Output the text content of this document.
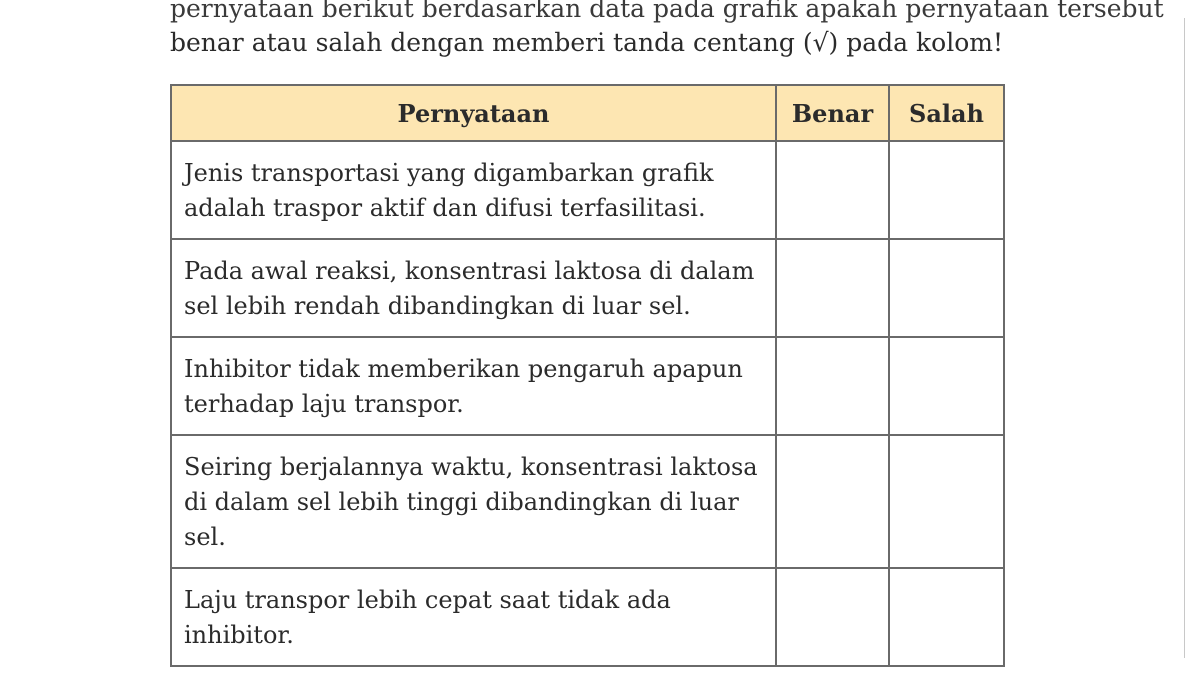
pernyataan berikut berdasarkan data pada grafik apakah pernyataan tersebut
benar atau salah dengan memberi tanda centang (√) pada kolom!
Pernyataan	Benar	Salah
Jenis transportasi yang digambarkan grafik adalah traspor aktif dan difusi terfasilitasi.		
Pada awal reaksi, konsentrasi laktosa di dalam sel lebih rendah dibandingkan di luar sel.		
Inhibitor tidak memberikan pengaruh apapun terhadap laju transpor.		
Seiring berjalannya waktu, konsentrasi laktosa di dalam sel lebih tinggi dibandingkan di luar sel.		
Laju transpor lebih cepat saat tidak ada inhibitor.		
